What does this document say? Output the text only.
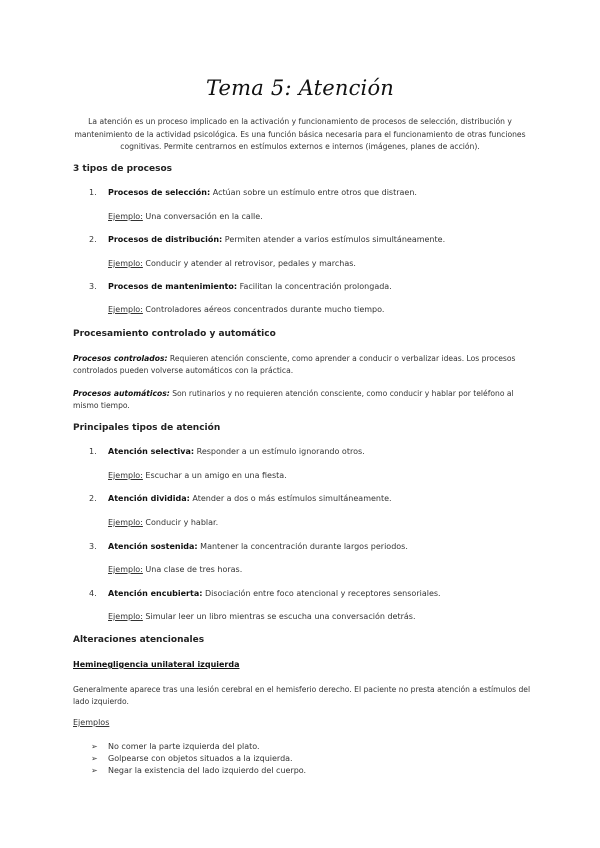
Tema 5: Atención
La atención es un proceso implicado en la activación y funcionamiento de procesos de selección, distribución y mantenimiento de la actividad psicológica. Es una función básica necesaria para el funcionamiento de otras funciones cognitivas. Permite centrarnos en estímulos externos e internos (imágenes, planes de acción).
3 tipos de procesos
1. Procesos de selección: Actúan sobre un estímulo entre otros que distraen.
Ejemplo: Una conversación en la calle.
2. Procesos de distribución: Permiten atender a varios estímulos simultáneamente.
Ejemplo: Conducir y atender al retrovisor, pedales y marchas.
3. Procesos de mantenimiento: Facilitan la concentración prolongada.
Ejemplo: Controladores aéreos concentrados durante mucho tiempo.
Procesamiento controlado y automático
Procesos controlados: Requieren atención consciente, como aprender a conducir o verbalizar ideas. Los procesos controlados pueden volverse automáticos con la práctica.
Procesos automáticos: Son rutinarios y no requieren atención consciente, como conducir y hablar por teléfono al mismo tiempo.
Principales tipos de atención
1. Atención selectiva: Responder a un estímulo ignorando otros.
Ejemplo: Escuchar a un amigo en una fiesta.
2. Atención dividida: Atender a dos o más estímulos simultáneamente.
Ejemplo: Conducir y hablar.
3. Atención sostenida: Mantener la concentración durante largos periodos.
Ejemplo: Una clase de tres horas.
4. Atención encubierta: Disociación entre foco atencional y receptores sensoriales.
Ejemplo: Simular leer un libro mientras se escucha una conversación detrás.
Alteraciones atencionales
Heminegligencia unilateral izquierda
Generalmente aparece tras una lesión cerebral en el hemisferio derecho. El paciente no presta atención a estímulos del lado izquierdo.
Ejemplos
➢ No comer la parte izquierda del plato.
➢ Golpearse con objetos situados a la izquierda.
➢ Negar la existencia del lado izquierdo del cuerpo.
